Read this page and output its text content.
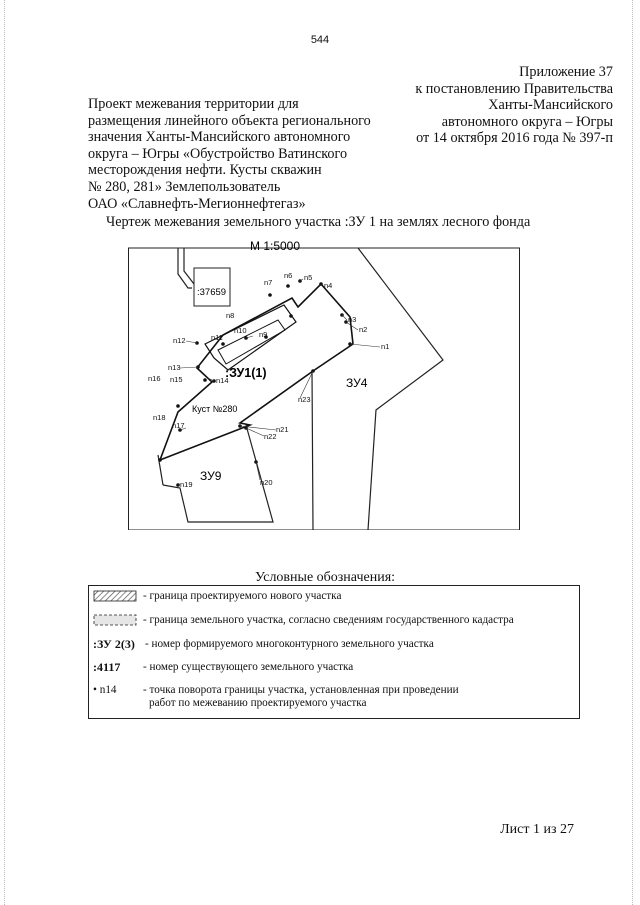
544
Приложение 37
к постановлению Правительства
Ханты-Мансийского
автономного округа – Югры
от 14 октября 2016 года № 397-п
Проект межевания территории для
размещения линейного объекта регионального
значения Ханты-Мансийского автономного
округа – Югры «Обустройство Ватинского
месторождения нефти. Кусты скважин
№ 280, 281» Землепользователь
ОАО «Славнефть-Мегионнефтегаз»
Чертеж межевания земельного участка :ЗУ 1 на землях лесного фонда
М 1:5000
:37659
n1
n2
n3
n4
n5
n6
n7
n8
n9
n10
n11
n12
n13
n14
n15
n16
n17
n18
n19	n20
n21
n22
n23
:ЗУ1(1)
ЗУ4
ЗУ9
Куст №280
Условные обозначения:
- граница проектируемого нового участка
- граница земельного участка, согласно сведениям государственного кадастра
:ЗУ 2(3) - номер формируемого многоконтурного земельного участка
:4117 - номер существующего земельного участка
• n14 - точка поворота границы участка, установленная при проведении
работ по межеванию проектируемого участка
Лист 1 из 27
